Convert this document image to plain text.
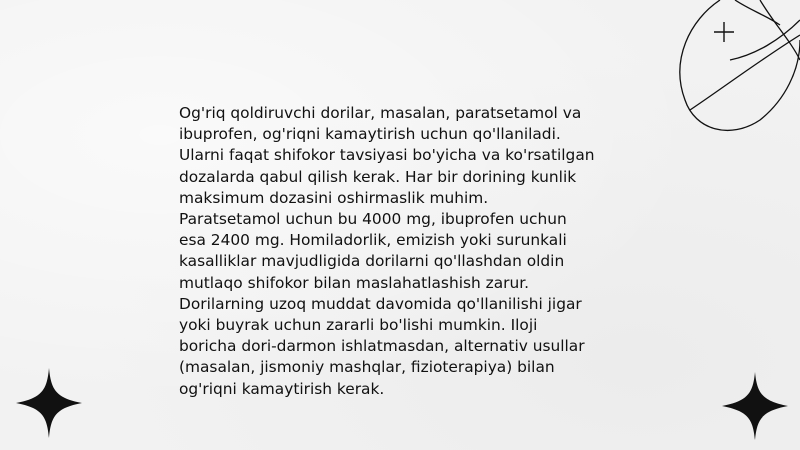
Og'riq qoldiruvchi dorilar, masalan, paratsetamol va
ibuprofen, og'riqni kamaytirish uchun qo'llaniladi.
Ularni faqat shifokor tavsiyasi bo'yicha va ko'rsatilgan
dozalarda qabul qilish kerak. Har bir dorining kunlik
maksimum dozasini oshirmaslik muhim.
Paratsetamol uchun bu 4000 mg, ibuprofen uchun
esa 2400 mg. Homiladorlik, emizish yoki surunkali
kasalliklar mavjudligida dorilarni qo'llashdan oldin
mutlaqo shifokor bilan maslahatlashish zarur.
Dorilarning uzoq muddat davomida qo'llanilishi jigar
yoki buyrak uchun zararli bo'lishi mumkin. Iloji
boricha dori-darmon ishlatmasdan, alternativ usullar
(masalan, jismoniy mashqlar, fizioterapiya) bilan
og'riqni kamaytirish kerak.
